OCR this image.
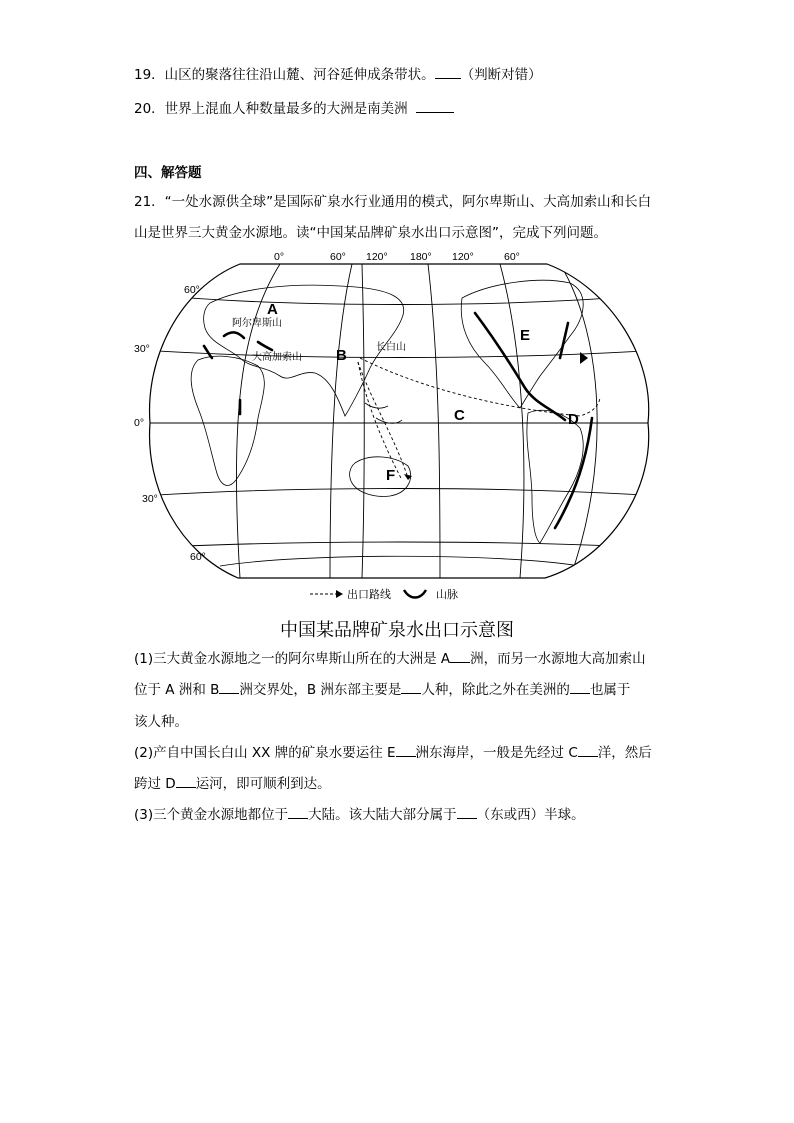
19．山区的聚落往往沿山麓、河谷延伸成条带状。 （判断对错）
20．世界上混血人种数量最多的大洲是南美洲
四、解答题
21．“一处水源供全球”是国际矿泉水行业通用的模式，阿尔卑斯山、大高加索山和长白
山是世界三大黄金水源地。读“中国某品牌矿泉水出口示意图”，完成下列问题。
0°	60° 120° 180° 120°	60°
60°
30°
0°
30°
60°
A
B
C	D
E
F
阿尔卑斯山
大高加索山
长白山
出口路线	山脉
中国某品牌矿泉水出口示意图
(1)三大黄金水源地之一的阿尔卑斯山所在的大洲是 A 洲，而另一水源地大高加索山
位于 A 洲和 B 洲交界处，B 洲东部主要是 人种，除此之外在美洲的 也属于
该人种。
(2)产自中国长白山 XX 牌的矿泉水要运往 E 洲东海岸，一般是先经过 C 洋，然后
跨过 D 运河，即可顺利到达。
(3)三个黄金水源地都位于 大陆。该大陆大部分属于 （东或西）半球。
